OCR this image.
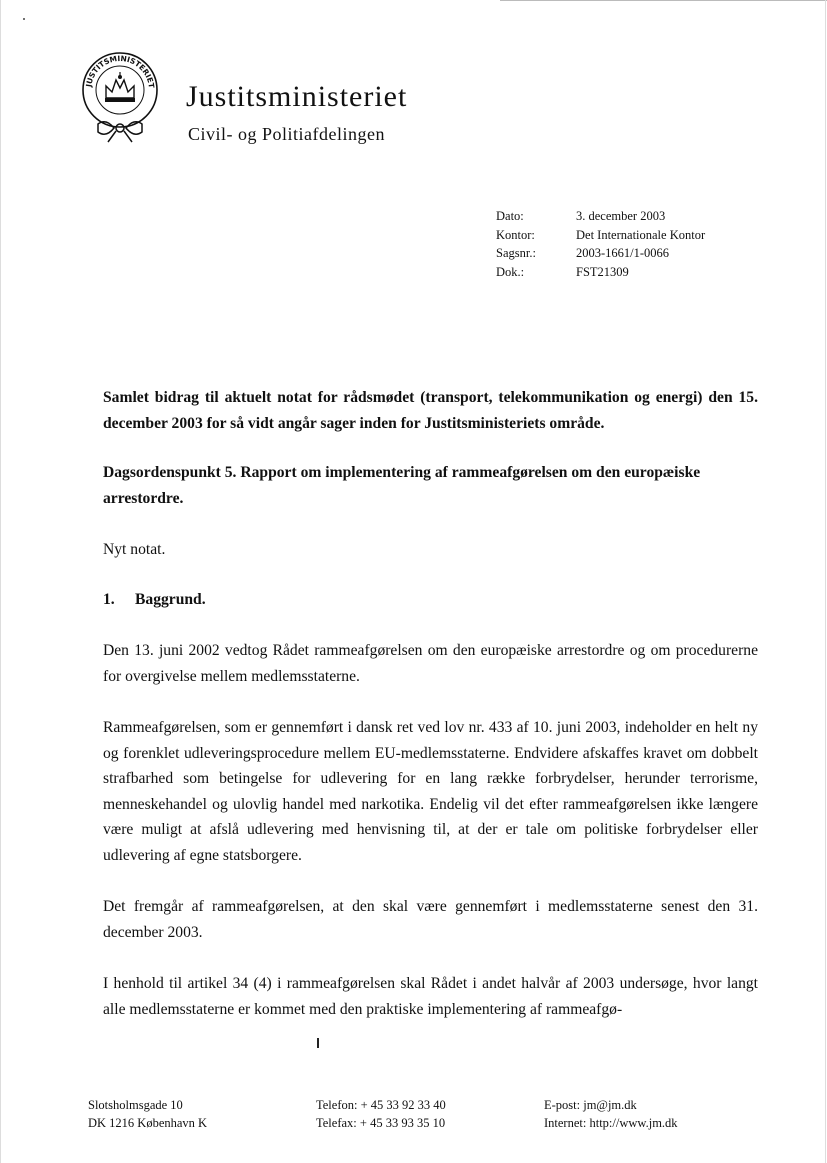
JUSTITSMINISTERIET Justitsministeriet
Civil- og Politiafdelingen
Dato:	3. december 2003
Kontor:	Det Internationale Kontor
Sagsnr.:	2003-1661/1-0066
Dok.:	FST21309

Samlet bidrag til aktuelt notat for rådsmødet (transport, telekommunikation og energi) den 15. december 2003 for så vidt angår sager inden for Justitsministeriets område.

Dagsordenspunkt 5. Rapport om implementering af rammeafgørelsen om den europæiske arrestordre.

Nyt notat.

1. Baggrund.

Den 13. juni 2002 vedtog Rådet rammeafgørelsen om den europæiske arrestordre og om procedurerne for overgivelse mellem medlemsstaterne.

Rammeafgørelsen, som er gennemført i dansk ret ved lov nr. 433 af 10. juni 2003, indeholder en helt ny og forenklet udleveringsprocedure mellem EU-medlemsstaterne. Endvidere afskaffes kravet om dobbelt strafbarhed som betingelse for udlevering for en lang række forbrydelser, herunder terrorisme, menneskehandel og ulovlig handel med narkotika. Endelig vil det efter rammeafgørelsen ikke længere være muligt at afslå udlevering med henvisning til, at der er tale om politiske forbrydelser eller udlevering af egne statsborgere.

Det fremgår af rammeafgørelsen, at den skal være gennemført i medlemsstaterne senest den 31. december 2003.

I henhold til artikel 34 (4) i rammeafgørelsen skal Rådet i andet halvår af 2003 undersøge, hvor langt alle medlemsstaterne er kommet med den praktiske implementering af rammeafgø-

Slotsholmsgade 10
DK 1216 København K
Telefon: + 45 33 92 33 40
Telefax: + 45 33 93 35 10
E-post: jm@jm.dk
Internet: http://www.jm.dk
